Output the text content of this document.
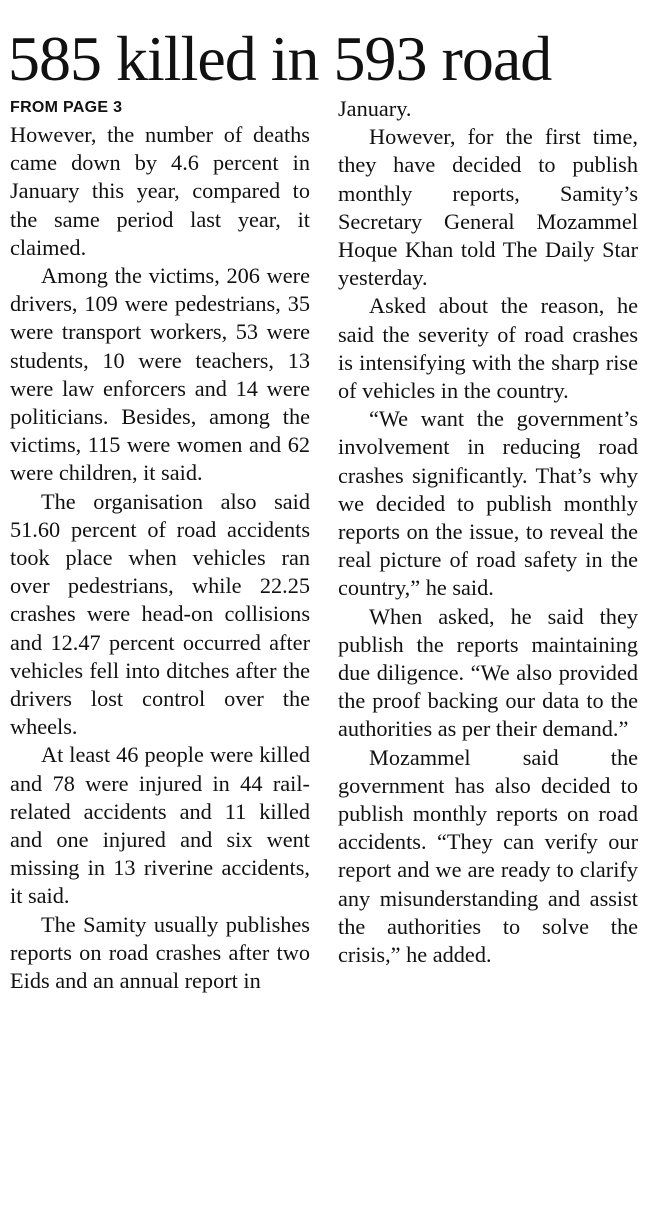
585 killed in 593 road
FROM PAGE 3

However, the number of deaths came down by 4.6 percent in January this year, compared to the same period last year, it claimed.

Among the victims, 206 were drivers, 109 were pedestrians, 35 were transport workers, 53 were students, 10 were teachers, 13 were law enforcers and 14 were politicians. Besides, among the victims, 115 were women and 62 were children, it said.

The organisation also said 51.60 percent of road accidents took place when vehicles ran over pedestrians, while 22.25 crashes were head-on collisions and 12.47 percent occurred after vehicles fell into ditches after the drivers lost control over the wheels.

At least 46 people were killed and 78 were injured in 44 rail-related accidents and 11 killed and one injured and six went missing in 13 riverine accidents, it said.

The Samity usually publishes reports on road crashes after two Eids and an annual report in

January.

However, for the first time, they have decided to publish monthly reports, Samity’s Secretary General Mozammel Hoque Khan told The Daily Star yesterday.

Asked about the reason, he said the severity of road crashes is intensifying with the sharp rise of vehicles in the country.

“We want the government’s involvement in reducing road crashes significantly. That’s why we decided to publish monthly reports on the issue, to reveal the real picture of road safety in the country,” he said.

When asked, he said they publish the reports maintaining due diligence. “We also provided the proof backing our data to the authorities as per their demand.”

Mozammel said the government has also decided to publish monthly reports on road accidents. “They can verify our report and we are ready to clarify any misunderstanding and assist the authorities to solve the crisis,” he added.
